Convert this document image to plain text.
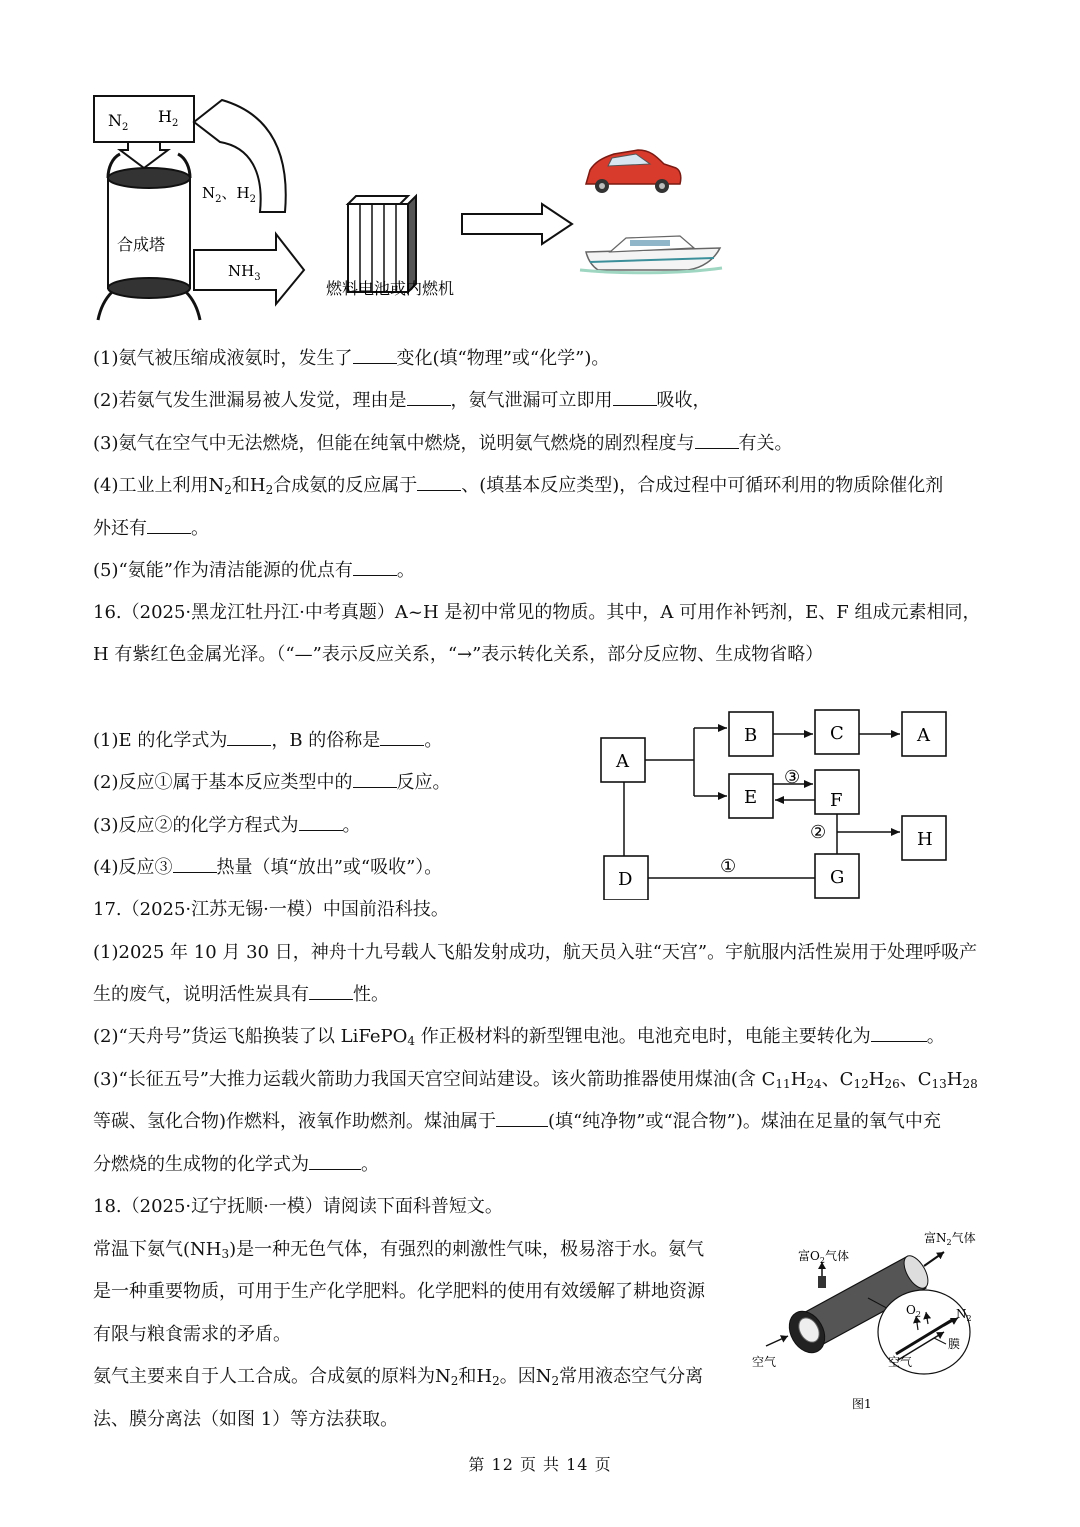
$N_2$
$H_2$
$N_2$、$H_2$
合成塔
$NH_3$
燃料电池或内燃机
(1)氨气被压缩成液氨时，发生了 变化(填“物理”或“化学”)。
(2)若氨气发生泄漏易被人发觉，理由是 ，氨气泄漏可立即用 吸收，
(3)氨气在空气中无法燃烧，但能在纯氧中燃烧，说明氨气燃烧的剧烈程度与 有关。
(4)工业上利用$N_2$和$H_2$合成氨的反应属于 、(填基本反应类型)，合成过程中可循环利用的物质除催化剂
外还有 。
(5)“氨能”作为清洁能源的优点有 。
16.（2025·黑龙江牡丹江·中考真题）A~H 是初中常见的物质。其中，A 可用作补钙剂，E、F 组成元素相同，
H 有紫红色金属光泽。（“—”表示反应关系，“→”表示转化关系，部分反应物、生成物省略）
(1)E 的化学式为 ，B 的俗称是 。
(2)反应①属于基本反应类型中的 反应。
(3)反应②的化学方程式为 。
(4)反应③ 热量（填“放出”或“吸收”）。
A
B	C	A
E	F
H
D	G
①
②
③
17.（2025·江苏无锡·一模）中国前沿科技。
(1)2025 年 10 月 30 日，神舟十九号载人飞船发射成功，航天员入驻“天宫”。宇航服内活性炭用于处理呼吸产
生的废气，说明活性炭具有 性。
(2)“天舟号”货运飞船换装了以 LiFePO$_4$ 作正极材料的新型锂电池。电池充电时，电能主要转化为	。
(3)“长征五号”大推力运载火箭助力我国天宫空间站建设。该火箭助推器使用煤油(含 $C_{11}H_{24}$、$C_{12}H_{26}$、$C_{13}H_{28}$
等碳、氢化合物)作燃料，液氧作助燃剂。煤油属于	(填“纯净物”或“混合物”)。煤油在足量的氧气中充
分燃烧的生成物的化学式为	。
18.（2025·辽宁抚顺·一模）请阅读下面科普短文。
常温下氨气$(NH_3)$是一种无色气体，有强烈的刺激性气味，极易溶于水。氨气
是一种重要物质，可用于生产化学肥料。化学肥料的使用有效缓解了耕地资源
有限与粮食需求的矛盾。
氨气主要来自于人工合成。合成氨的原料为$N_2$和$H_2$。因$N_2$常用液态空气分离
法、膜分离法（如图 1）等方法获取。
富$N_2$气体
富$O_2$气体
空气	空气
$O_2$	$N_2$
膜
图1
第 12 页 共 14 页
